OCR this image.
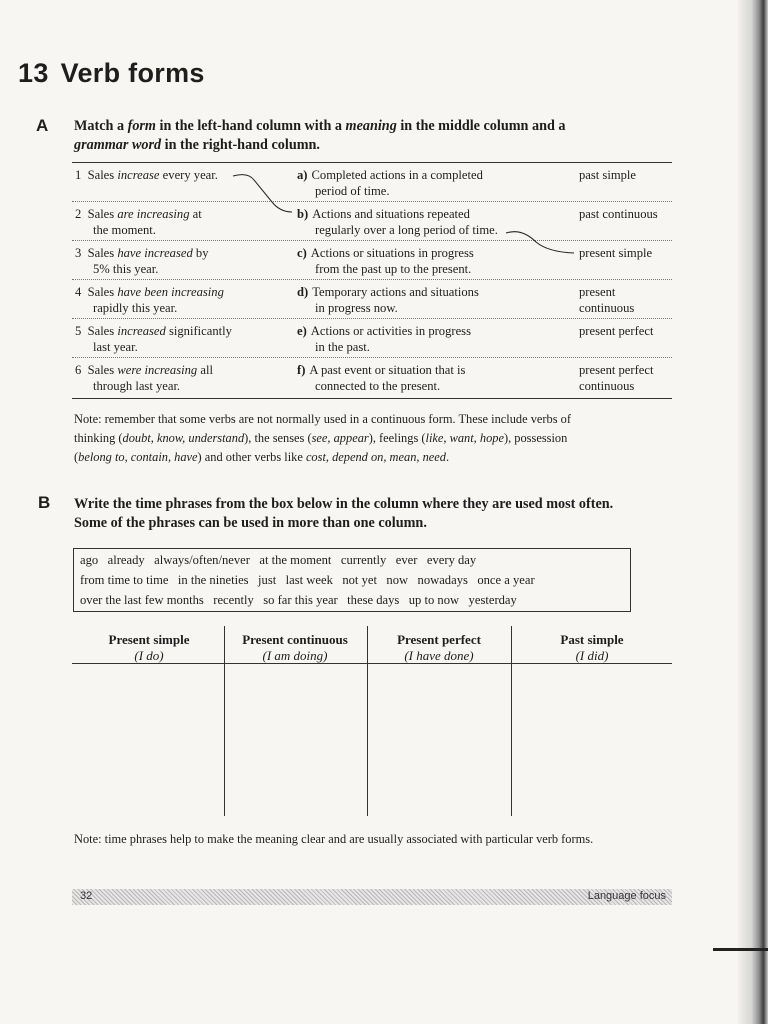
13 Verb forms
A Match a form in the left-hand column with a meaning in the middle column and a
grammar word in the right-hand column.
1 Sales increase every year.	a) Completed actions in a completed
period of time.
past simple

2 Sales are increasing at
the moment.
b) Actions and situations repeated
regularly over a long period of time.
past continuous

3 Sales have increased by
5% this year.
c) Actions or situations in progress
from the past up to the present.
present simple

4 Sales have been increasing
rapidly this year.
d) Temporary actions and situations
in progress now.
present
continuous
5 Sales increased significantly
last year.
e) Actions or activities in progress
in the past.
present perfect

6 Sales were increasing all
through last year.
f) A past event or situation that is
connected to the present.
present perfect
continuous
Note: remember that some verbs are not normally used in a continuous form. These include verbs of
thinking (doubt, know, understand), the senses (see, appear), feelings (like, want, hope), possession
(belong to, contain, have) and other verbs like cost, depend on, mean, need.
B Write the time phrases from the box below in the column where they are used most often.
Some of the phrases can be used in more than one column.
ago   already   always/often/never   at the moment   currently   ever   every day
from time to time   in the nineties   just   last week   not yet   now   nowadays   once a year
over the last few months   recently   so far this year   these days   up to now   yesterday
Present simple
(I do)
Present continuous
(I am doing)
Present perfect
(I have done)
Past simple
(I did)
Note: time phrases help to make the meaning clear and are usually associated with particular verb forms.
32	Language focus
